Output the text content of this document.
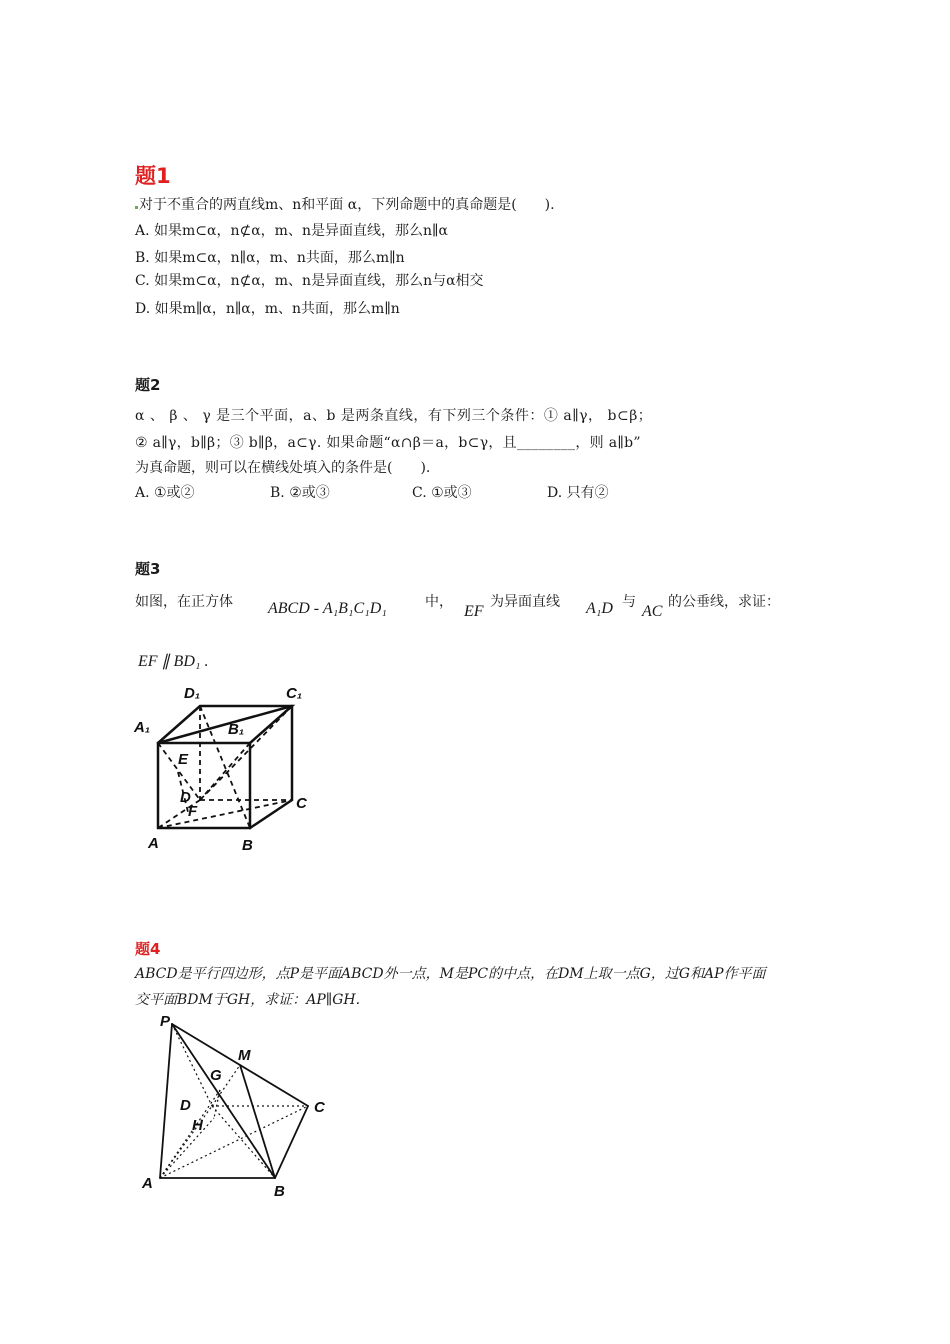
题1
对于不重合的两直线m、n和平面 α，下列命题中的真命题是(　　).
A. 如果m⊂α，n⊄α，m、n是异面直线，那么n∥α
B. 如果m⊂α，n∥α，m、n共面，那么m∥n
C. 如果m⊂α，n⊄α，m、n是异面直线，那么n与α相交
D. 如果m∥α，n∥α，m、n共面，那么m∥n
题2
α 、 β 、 γ 是三个平面，a、b 是两条直线，有下列三个条件：① a∥γ， b⊂β；
② a∥γ，b∥β；③ b∥β，a⊂γ. 如果命题“α∩β＝a，b⊂γ，且________，则 a∥b”
为真命题，则可以在横线处填入的条件是(　　).
A. ①或②	B. ②或③	C. ①或③	D. 只有②
题3
如图，在正方体 ABCD - A₁B₁C₁D₁	中，
EF
为异面直线 A₁D 与
AC
的公垂线，求证：
EF ∥ BD₁ .
D₁	C₁
A₁	B₁
E
D
F	C
A	B
题4
ABCD是平行四边形，点P是平面ABCD外一点，M是PC的中点，在DM上取一点G，过G和AP作平面
交平面BDM于GH，求证：AP∥GH.
P
M
G
D
H
C
A	B
